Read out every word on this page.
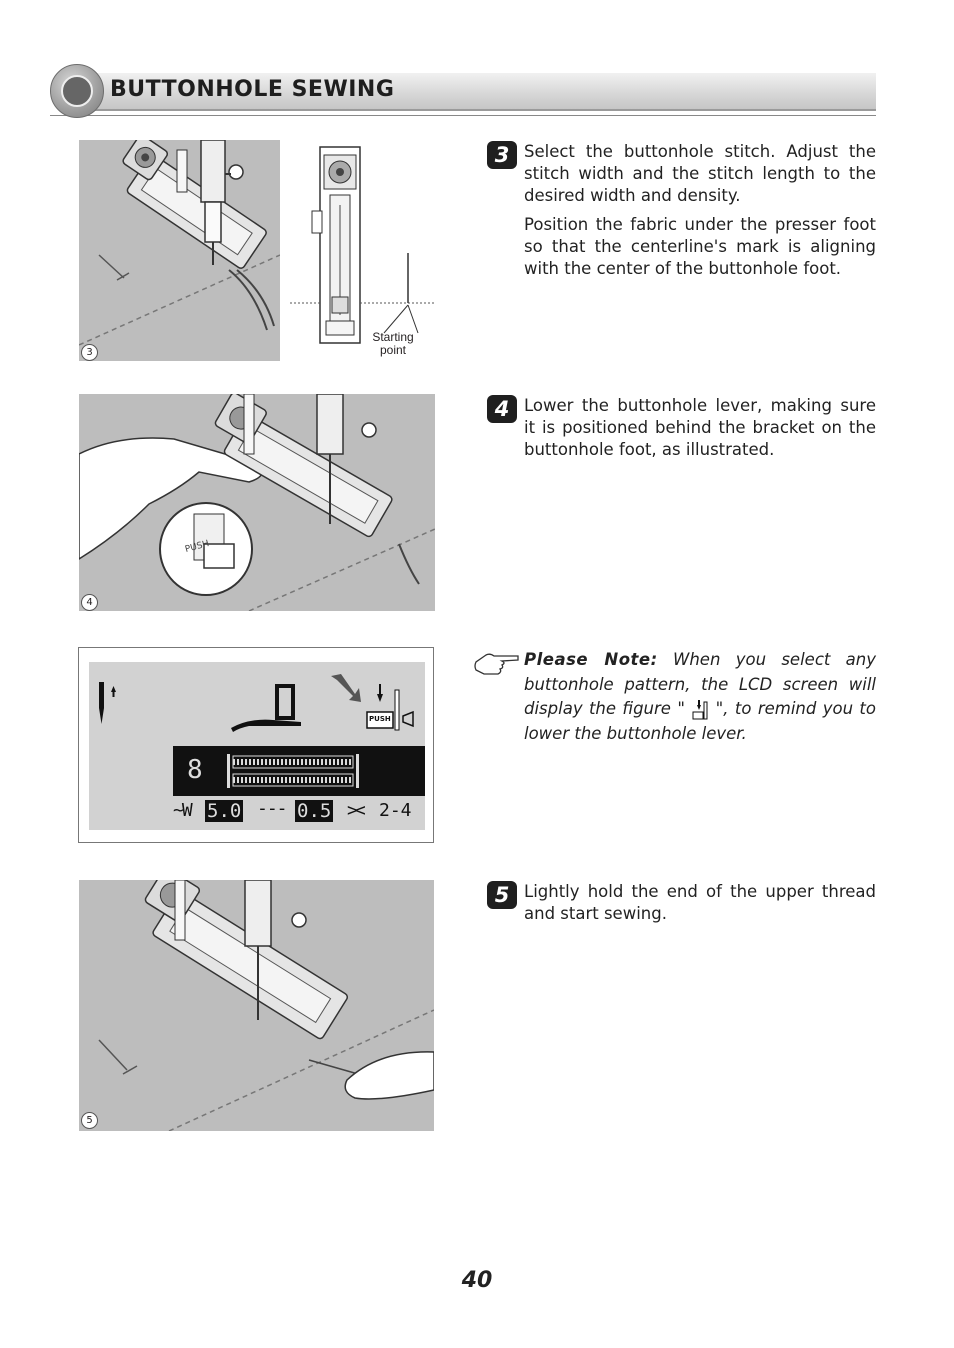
BUTTONHOLE SEWING
3
Starting
point
PUSH
4
PUSH
8
~W 5.0 --- 0.5 >< 2-4
5
3 Select the buttonhole stitch. Adjust the stitch width and the stitch length to the desired width and density.

Position the fabric under the presser foot so that the centerline's mark is aligning with the center of the buttonhole foot.

4 Lower the buttonhole lever, making sure it is positioned behind the bracket on the buttonhole foot, as illustrated.

Please Note: When you select any buttonhole pattern, the LCD screen will display the figure "  ", to remind you to lower the buttonhole lever.
5 Lightly hold the end of the upper thread and start sewing.

40
